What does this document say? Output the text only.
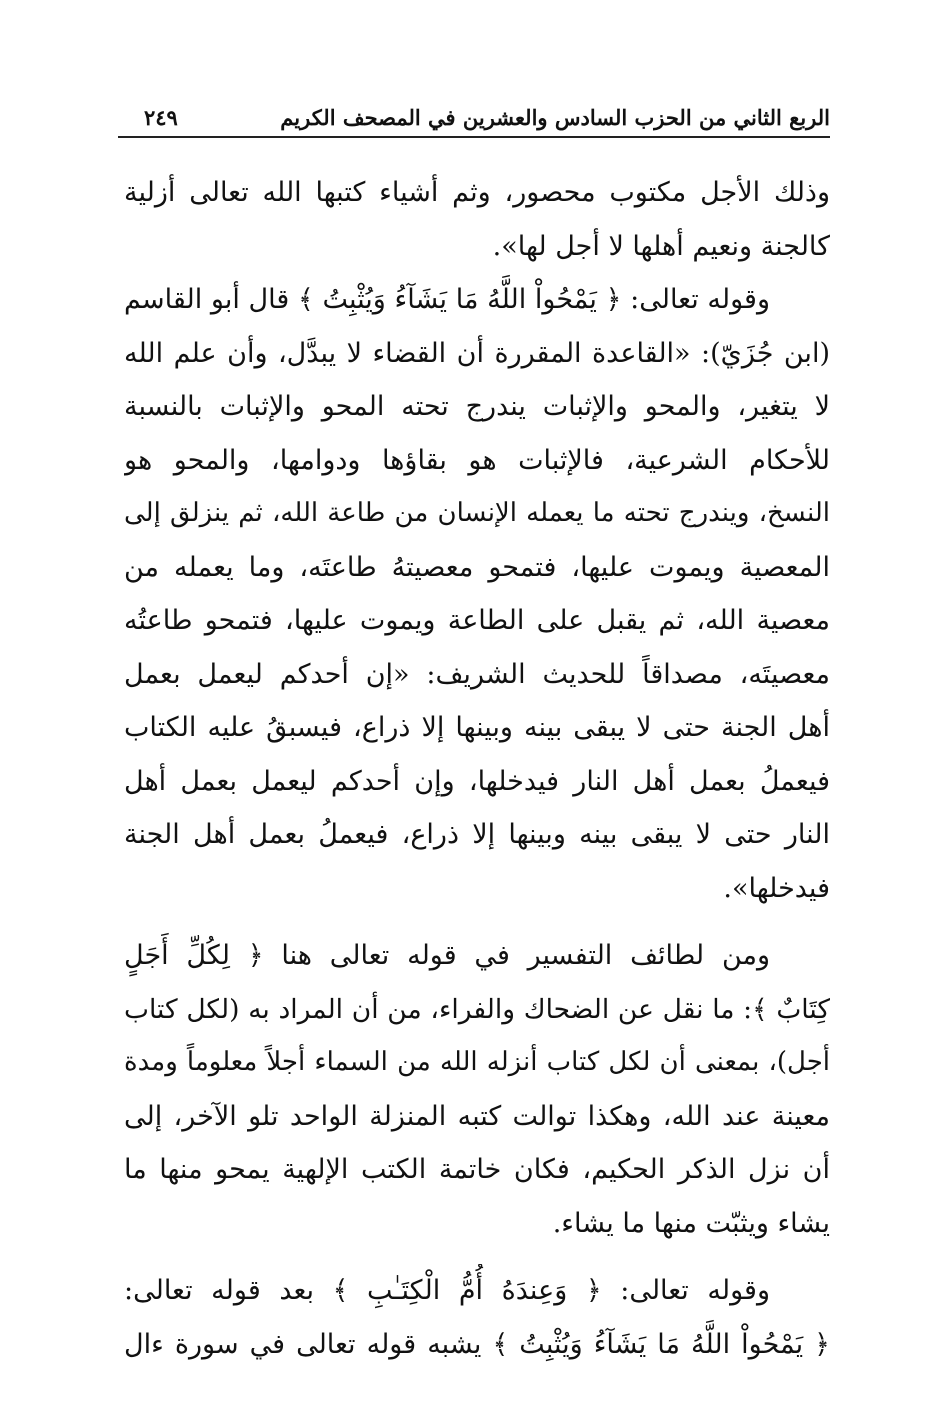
الربع الثاني من الحزب السادس والعشرين في المصحف الكريم
٢٤٩
وذلك الأجل مكتوب محصور، وثم أشياء كتبها الله تعالى أزلية
كالجنة ونعيم أهلها لا أجل لها».
وقوله تعالى: ﴿ يَمْحُواْ اللَّهُ مَا يَشَآءُ وَيُثْبِتُ ﴾ قال أبو القاسم
(ابن جُزَيّ): «القاعدة المقررة أن القضاء لا يبدَّل، وأن علم الله
لا يتغير، والمحو والإثبات يندرج تحته المحو والإثبات بالنسبة
للأحكام الشرعية، فالإثبات هو بقاؤها ودوامها، والمحو هو
النسخ، ويندرج تحته ما يعمله الإنسان من طاعة الله، ثم ينزلق إلى
المعصية ويموت عليها، فتمحو معصيتهُ طاعتَه، وما يعمله من
معصية الله، ثم يقبل على الطاعة ويموت عليها، فتمحو طاعتُه
معصيتَه، مصداقاً للحديث الشريف: «إن أحدكم ليعمل بعمل
أهل الجنة حتى لا يبقى بينه وبينها إلا ذراع، فيسبقُ عليه الكتاب
فيعملُ بعمل أهل النار فيدخلها، وإن أحدكم ليعمل بعمل أهل
النار حتى لا يبقى بينه وبينها إلا ذراع، فيعملُ بعمل أهل الجنة
فيدخلها».
ومن لطائف التفسير في قوله تعالى هنا ﴿ لِكُلِّ أَجَلٍ
كِتَابٌ ﴾: ما نقل عن الضحاك والفراء، من أن المراد به (لكل كتاب
أجل)، بمعنى أن لكل كتاب أنزله الله من السماء أجلاً معلوماً ومدة
معينة عند الله، وهكذا توالت كتبه المنزلة الواحد تلو الآخر، إلى
أن نزل الذكر الحكيم، فكان خاتمة الكتب الإلهية يمحو منها ما
يشاء ويثبّت منها ما يشاء.
وقوله تعالى: ﴿ وَعِندَهُ أُمُّ الْكِتَـٰبِ ﴾ بعد قوله تعالى:
﴿ يَمْحُواْ اللَّهُ مَا يَشَآءُ وَيُثْبِتُ ﴾ يشبه قوله تعالى في سورة ءال
